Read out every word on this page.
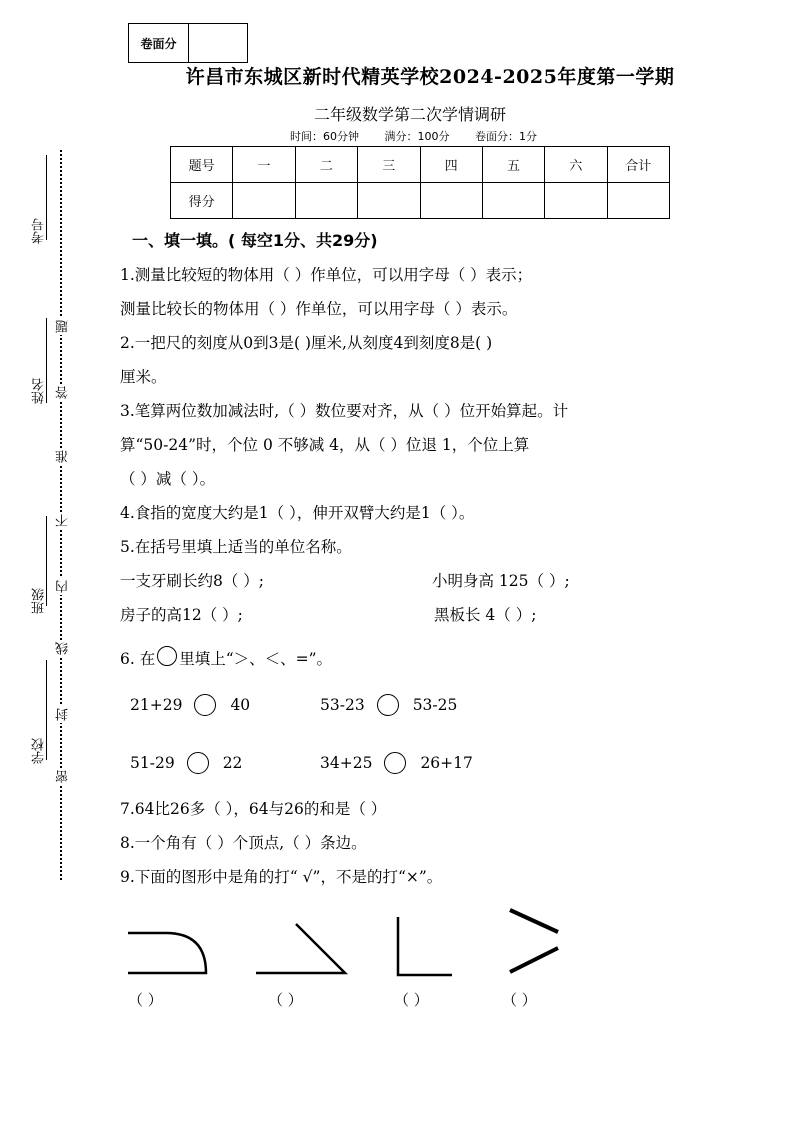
卷面分
许昌市东城区新时代精英学校2024-2025年度第一学期
二年级数学第二次学情调研
时间：60分钟 满分：100分 卷面分：1分
题号	一	二	三	四	五	六	合计
得分							
考号
姓名
班级
学校
题
答
准
不
内
线
封
密
一、填一填。( 每空1分、共29分)
1.测量比较短的物体用（ ）作单位，可以用字母（ ）表示；
测量比较长的物体用（ ）作单位，可以用字母（ ）表示。
2.一把尺的刻度从0到3是( )厘米,从刻度4到刻度8是( )
厘米。
3.笔算两位数加减法时,（ ）数位要对齐，从（ ）位开始算起。计
算“50-24”时，个位 0 不够减 4，从（ ）位退 1，个位上算
（ ）减（ ）。
4.食指的宽度大约是1（ ），伸开双臂大约是1（ ）。
5.在括号里填上适当的单位名称。
一支牙刷长约8（ ）;	小明身高 125（ ）;
房子的高12（ ）;	黑板长 4（ ）;
6. 在 里填上“＞、＜、=”。
21+29	40	53-23	53-25
51-29	22	34+25	26+17
7.64比26多（ ），64与26的和是（ ）
8.一个角有（ ）个顶点,（ ）条边。
9.下面的图形中是角的打“ √”，不是的打“×”。
（ ）	（ ）	（ ）	（ ）
